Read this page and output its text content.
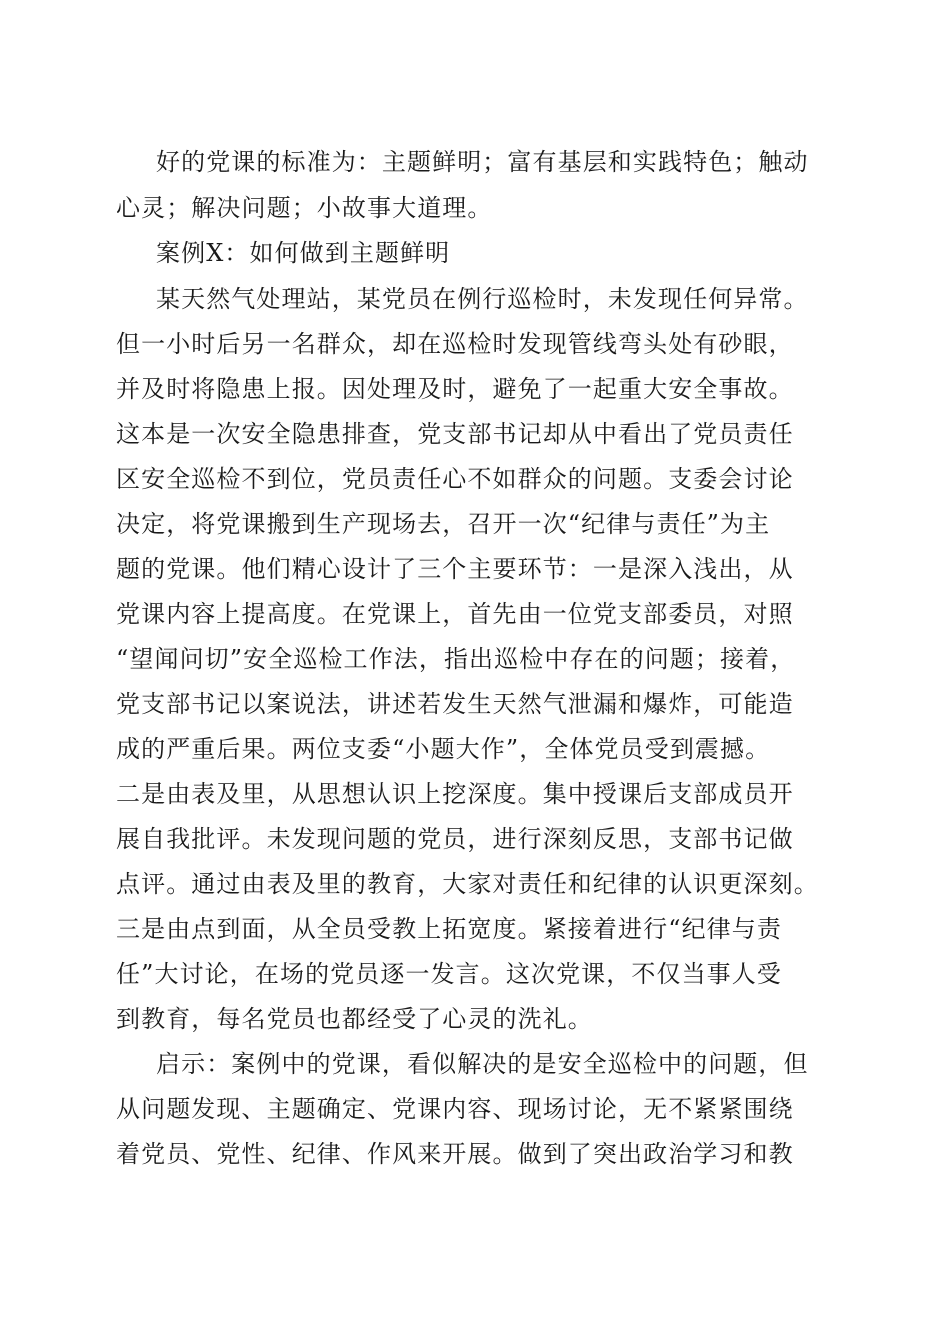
好的党课的标准为：主题鲜明；富有基层和实践特色；触动
心灵；解决问题；小故事大道理。
案例X：如何做到主题鲜明
某天然气处理站，某党员在例行巡检时，未发现任何异常。
但一小时后另一名群众，却在巡检时发现管线弯头处有砂眼，
并及时将隐患上报。因处理及时，避免了一起重大安全事故。
这本是一次安全隐患排查，党支部书记却从中看出了党员责任
区安全巡检不到位，党员责任心不如群众的问题。支委会讨论
决定，将党课搬到生产现场去，召开一次“纪律与责任”为主
题的党课。他们精心设计了三个主要环节：一是深入浅出，从
党课内容上提高度。在党课上，首先由一位党支部委员，对照
“望闻问切”安全巡检工作法，指出巡检中存在的问题；接着，
党支部书记以案说法，讲述若发生天然气泄漏和爆炸，可能造
成的严重后果。两位支委“小题大作”，全体党员受到震撼。
二是由表及里，从思想认识上挖深度。集中授课后支部成员开
展自我批评。未发现问题的党员，进行深刻反思，支部书记做
点评。通过由表及里的教育，大家对责任和纪律的认识更深刻。
三是由点到面，从全员受教上拓宽度。紧接着进行“纪律与责
任”大讨论，在场的党员逐一发言。这次党课，不仅当事人受
到教育，每名党员也都经受了心灵的洗礼。
启示：案例中的党课，看似解决的是安全巡检中的问题，但
从问题发现、主题确定、党课内容、现场讨论，无不紧紧围绕
着党员、党性、纪律、作风来开展。做到了突出政治学习和教
